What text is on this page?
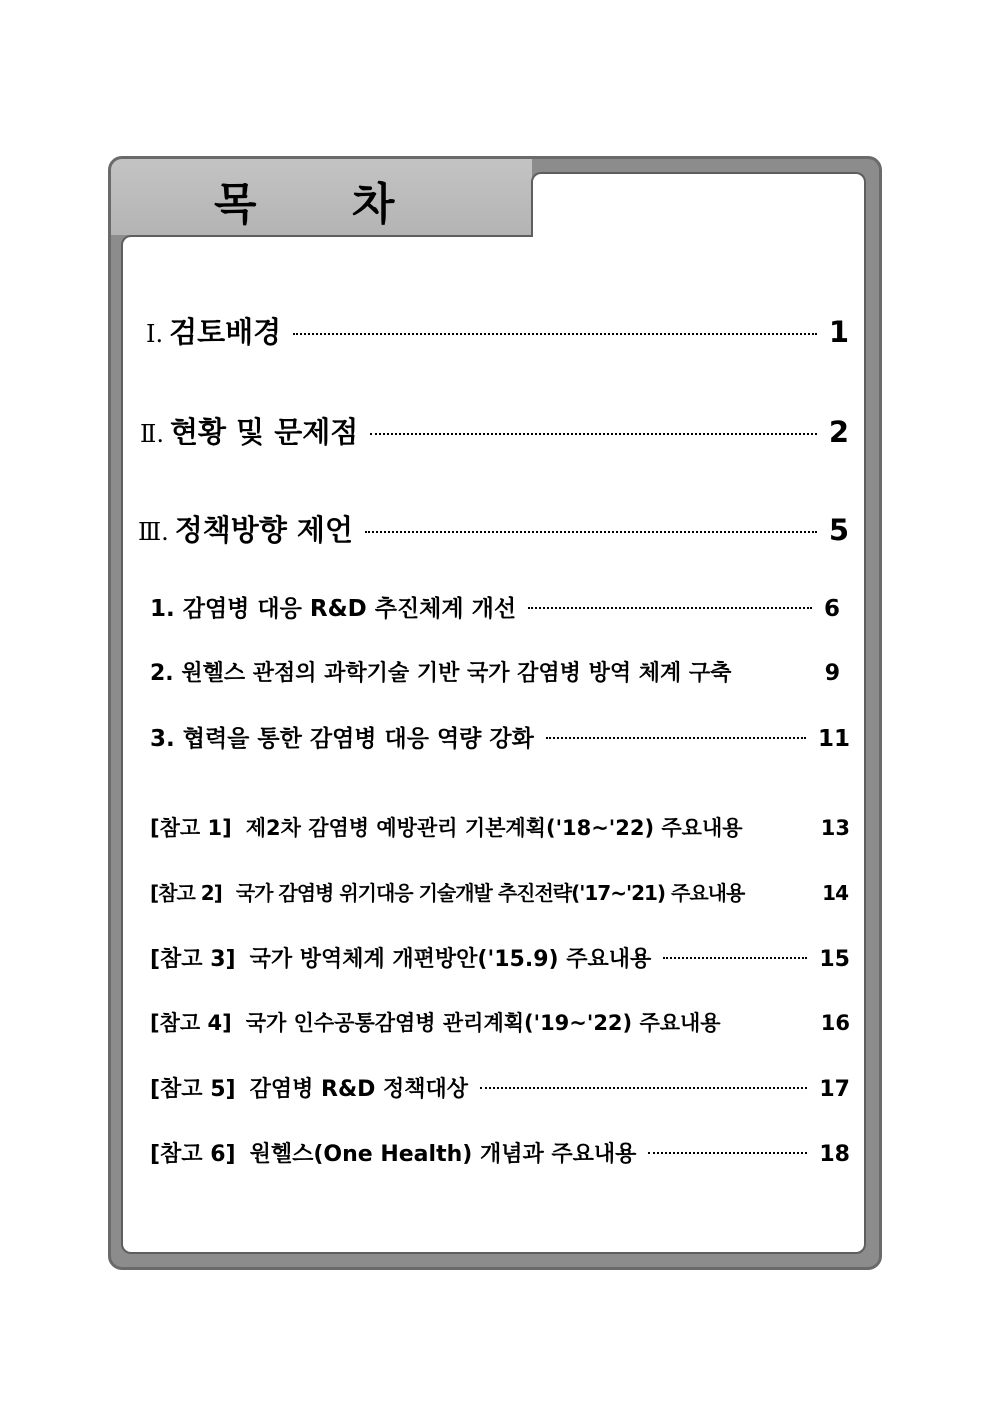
목 차
Ⅰ. 검토배경	1
Ⅱ. 현황 및 문제점	2
Ⅲ. 정책방향 제언	5
1. 감염병 대응 R&D 추진체계 개선	6
2. 원헬스 관점의 과학기술 기반 국가 감염병 방역 체계 구축	9
3. 협력을 통한 감염병 대응 역량 강화	11
[참고 1] 제2차 감염병 예방관리 기본계획('18~'22) 주요내용	13
[참고 2] 국가 감염병 위기대응 기술개발 추진전략('17~'21) 주요내용	14
[참고 3] 국가 방역체계 개편방안('15.9) 주요내용	15
[참고 4] 국가 인수공통감염병 관리계획('19~'22) 주요내용	16
[참고 5] 감염병 R&D 정책대상	17
[참고 6] 원헬스(One Health) 개념과 주요내용	18
